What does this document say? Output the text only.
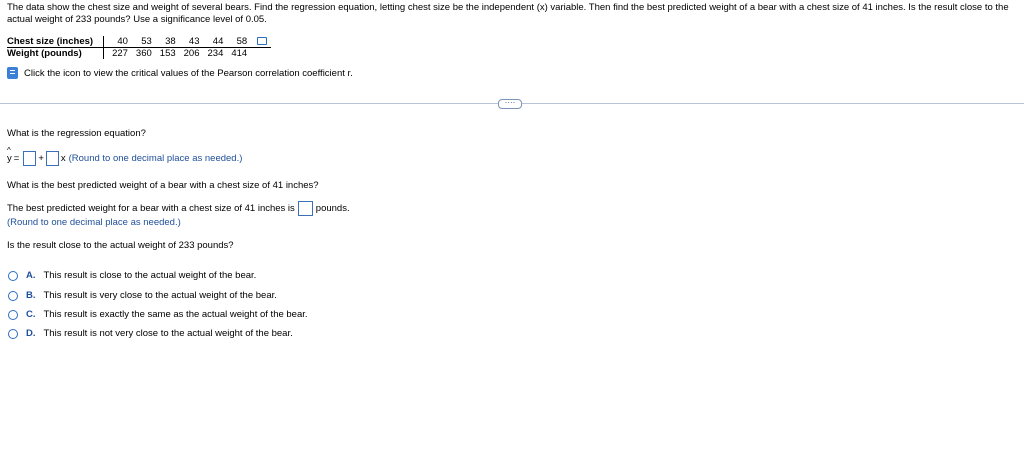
The data show the chest size and weight of several bears. Find the regression equation, letting chest size be the independent (x) variable. Then find the best predicted weight of a bear with a chest size of 41 inches. Is the result close to the actual weight of 233 pounds? Use a significance level of 0.05.
Chest size (inches)	40	53	38	43	44	58	
Weight (pounds)	227	360	153	206	234	414	
Click the icon to view the critical values of the Pearson correlation coefficient r.
····
What is the regression equation?
^ y = + x (Round to one decimal place as needed.)
What is the best predicted weight of a bear with a chest size of 41 inches?
The best predicted weight for a bear with a chest size of 41 inches is pounds.
(Round to one decimal place as needed.)
Is the result close to the actual weight of 233 pounds?
A. This result is close to the actual weight of the bear.
B. This result is very close to the actual weight of the bear.
C. This result is exactly the same as the actual weight of the bear.
D. This result is not very close to the actual weight of the bear.
